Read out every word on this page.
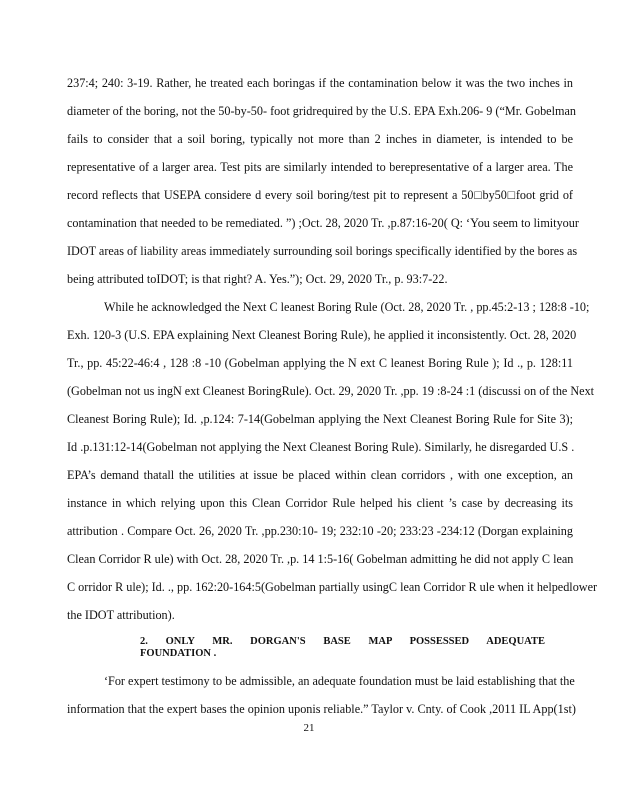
237:4; 240: 3-19. Rather, he treated each boringas if the contamination below it was the two inches in
diameter of the boring, not the 50-by-50- foot gridrequired by the U.S. EPA Exh.206- 9 (“Mr. Gobelman
fails to consider that a soil boring, typically not more than 2 inches in diameter, is intended to be
representative of a larger area. Test pits are similarly intended to berepresentative of a larger area. The
record reflects that USEPA considere d every soil boring/test pit to represent a 50□by50□foot grid of
contamination that needed to be remediated. ”) ;Oct. 28, 2020 Tr. ,p.87:16-20( Q: ‘You seem to limityour
IDOT areas of liability areas immediately surrounding soil borings specifically identified by the bores as
being attributed toIDOT; is that right? A. Yes.”); Oct. 29, 2020 Tr., p. 93:7-22.
While he acknowledged the Next C leanest Boring Rule (Oct. 28, 2020 Tr. , pp.45:2-13 ; 128:8 -10;
Exh. 120-3 (U.S. EPA explaining Next Cleanest Boring Rule), he applied it inconsistently. Oct. 28, 2020
Tr., pp. 45:22-46:4 , 128 :8 -10 (Gobelman applying the N ext C leanest Boring Rule ); Id ., p. 128:11
(Gobelman not us ingN ext Cleanest BoringRule). Oct. 29, 2020 Tr. ,pp. 19 :8-24 :1 (discussi on of the Next
Cleanest Boring Rule); Id. ,p.124: 7-14(Gobelman applying the Next Cleanest Boring Rule for Site 3);
Id .p.131:12-14(Gobelman not applying the Next Cleanest Boring Rule). Similarly, he disregarded U.S .
EPA’s demand thatall the utilities at issue be placed within clean corridors , with one exception, an
instance in which relying upon this Clean Corridor Rule helped his client ’s case by decreasing its
attribution . Compare Oct. 26, 2020 Tr. ,pp.230:10- 19; 232:10 -20; 233:23 -234:12 (Dorgan explaining
Clean Corridor R ule) with Oct. 28, 2020 Tr. ,p. 14 1:5-16( Gobelman admitting he did not apply C lean
C orridor R ule); Id. ., pp. 162:20-164:5(Gobelman partially usingC lean Corridor R ule when it helpedlower
the IDOT attribution).
2. ONLY MR. DORGAN'S BASE MAP POSSESSED ADEQUATE
FOUNDATION .
‘For expert testimony to be admissible, an adequate foundation must be laid establishing that the
information that the expert bases the opinion uponis reliable.” Taylor v. Cnty. of Cook ,2011 IL App(1st)
21
